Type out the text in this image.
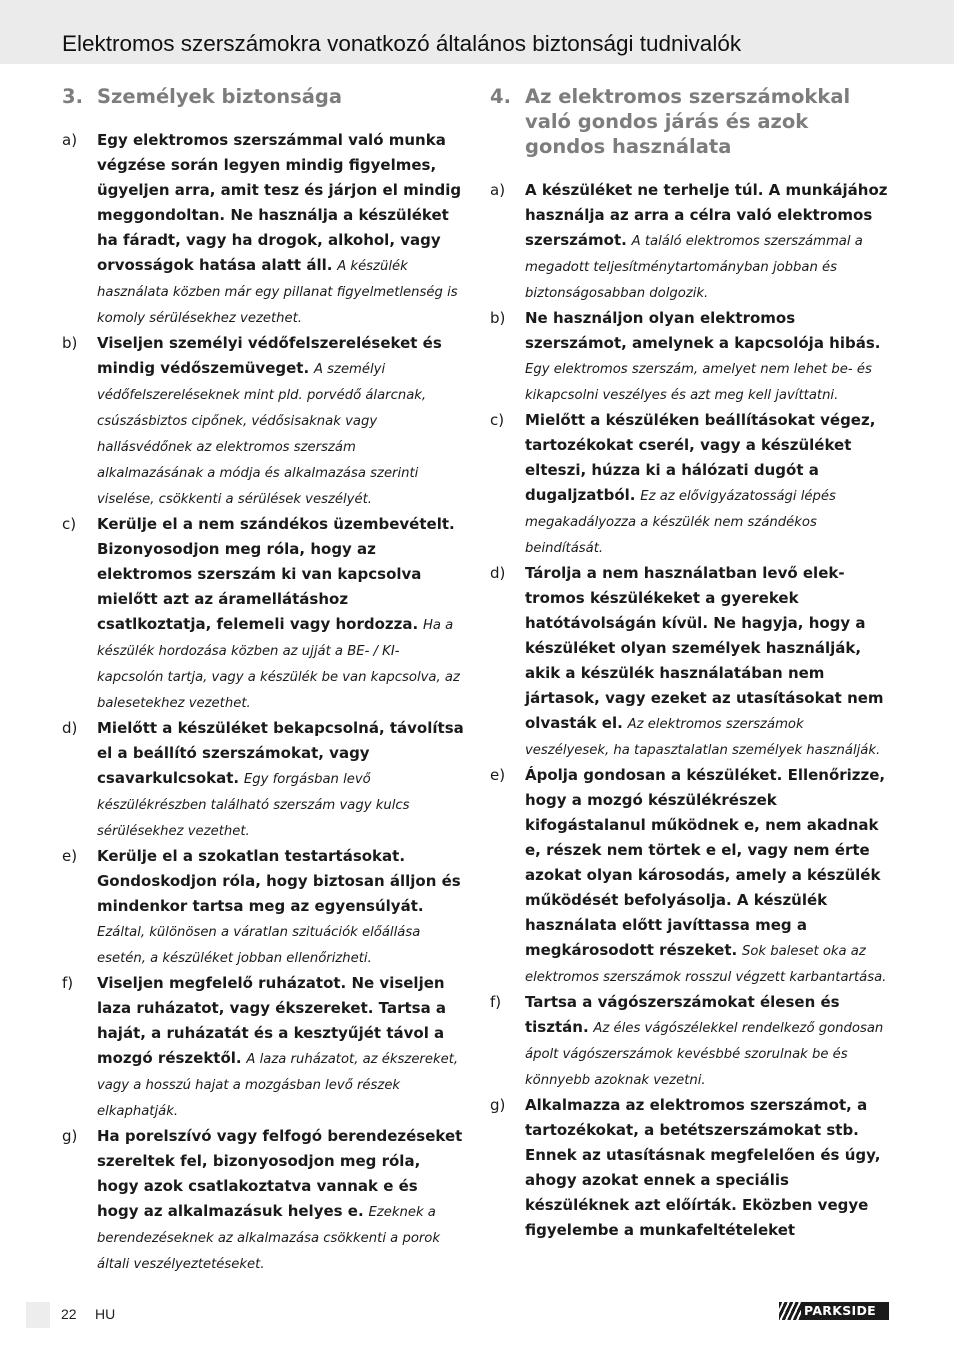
Elektromos szerszámokra vonatkozó általános biztonsági tudnivalók
3. Személyek biztonsága
a)	Egy elektromos szerszámmal való munka végzése során legyen mindig figyelmes, ügyeljen arra, amit tesz és járjon el mindig meggondoltan. Ne használja a készüléket ha fáradt, vagy ha drogok, alkohol, vagy orvosságok hatása alatt áll. A készülék használata közben már egy pillanat figyelmetlenség is komoly sérülésekhez vezethet.
b)	Viseljen személyi védőfelszereléseket és mindig védőszemüveget. A személyi védőfelszereléseknek mint pld. porvédő álarcnak, csúszásbiztos cipőnek, védősisaknak vagy hallásvédőnek az elektromos szerszám alkalmazásának a módja és alkalmazása szerinti viselése, csökkenti a sérülések veszélyét.
c)	Kerülje el a nem szándékos üzembevételt. Bizonyosodjon meg róla, hogy az elektromos szerszám ki van kapcsolva mielőtt azt az áramellátáshoz csatlkoztatja, felemeli vagy hordozza. Ha a készülék hordozása közben az ujját a BE- / KI-kapcsolón tartja, vagy a készülék be van kapcsolva, az balesetekhez vezethet.
d)	Mielőtt a készüléket bekapcsolná, távolítsa el a beállító szerszámokat, vagy csavarkulcsokat. Egy forgásban levő készülékrészben található szerszám vagy kulcs sérülésekhez vezethet.
e)	Kerülje el a szokatlan testartásokat. Gondoskodjon róla, hogy biztosan álljon és mindenkor tartsa meg az egyensúlyát. Ezáltal, különösen a váratlan szituációk előállása esetén, a készüléket jobban ellenőrizheti.
f)	Viseljen megfelelő ruházatot. Ne viseljen laza ruházatot, vagy ékszereket. Tartsa a haját, a ruházatát és a kesztyűjét távol a mozgó részektől. A laza ruházatot, az ékszereket, vagy a hosszú hajat a mozgásban levő részek elkaphatják.
g)	Ha porelszívó vagy felfogó berendezéseket szereltek fel, bizonyosodjon meg róla, hogy azok csatlakoztatva vannak e és hogy az alkalmazásuk helyes e. Ezeknek a berendezéseknek az alkalmazása csökkenti a porok általi veszélyeztetéseket.
4. Az elektromos szerszámokkal való gondos járás és azok gondos használata
a)	A készüléket ne terhelje túl. A munkájához használja az arra a célra való elektromos szerszámot. A találó elektromos szerszámmal a megadott teljesítménytartományban jobban és biztonságosabban dolgozik.
b)	Ne használjon olyan elektromos szerszámot, amelynek a kapcsolója hibás. Egy elektromos szerszám, amelyet nem lehet be- és kikapcsolni veszélyes és azt meg kell javíttatni.
c)	Mielőtt a készüléken beállításokat végez, tartozékokat cserél, vagy a készüléket elteszi, húzza ki a hálózati dugót a dugaljzatból. Ez az elővigyázatossági lépés megakadályozza a készülék nem szándékos beindítását.
d)	Tárolja a nem használatban levő elek-tromos készülékeket a gyerekek hatótávolságán kívül. Ne hagyja, hogy a készüléket olyan személyek használják, akik a készülék használatában nem jártasok, vagy ezeket az utasításokat nem olvasták el. Az elektromos szerszámok veszélyesek, ha tapasztalatlan személyek használják.
e)	Ápolja gondosan a készüléket. Ellenőrizze, hogy a mozgó készülékrészek kifogástalanul működnek e, nem akadnak e, részek nem törtek e el, vagy nem érte azokat olyan károsodás, amely a készülék működését befolyásolja. A készülék használata előtt javíttassa meg a megkárosodott részeket. Sok baleset oka az elektromos szerszámok rosszul végzett karbantartása.
f)	Tartsa a vágószerszámokat élesen és tisztán. Az éles vágószélekkel rendelkező gondosan ápolt vágószerszámok kevésbbé szorulnak be és könnyebb azoknak vezetni.
g)	Alkalmazza az elektromos szerszámot, a tartozékokat, a betétszerszámokat stb. Ennek az utasításnak megfelelően és úgy, ahogy azokat ennek a speciális készüléknek azt előírták. Eközben vegye figyelembe a munkafeltételeket
22 HU	PARKSIDE
